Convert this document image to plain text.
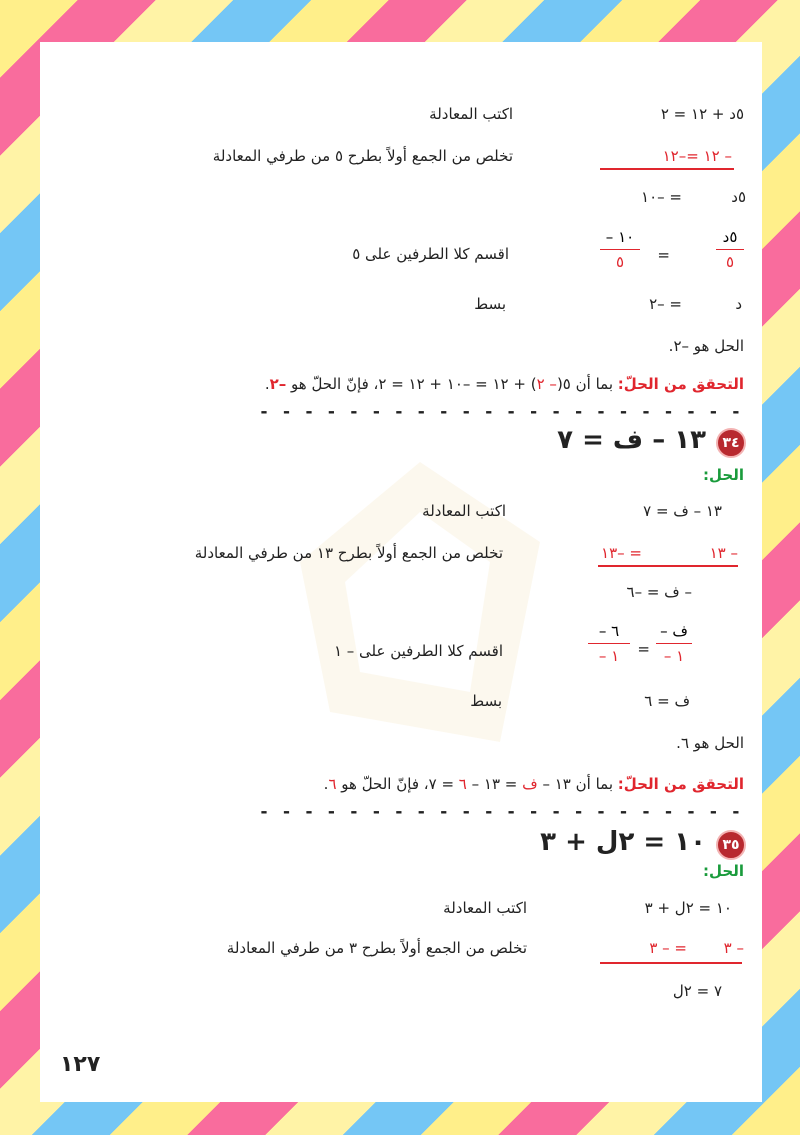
٥د + ١٢ = ٢
اكتب المعادلة
– ١٢ =–١٢
تخلص من الجمع أولاً بطرح ٥ من طرفي المعادلة
٥د
= –١٠
٥د
٥
=
– ١٠
٥
اقسم كلا الطرفين على ٥
د
= –٢
بسط
الحل هو –٢.
التحقق من الحلّ: بما أن ٥(– ٢) + ١٢ = –١٠ + ١٢ = ٢، فإنّ الحلّ هو –٢.
- - - - - - - - - - - - - - - - - - - - - -
٣٤
١٣ – ف = ٧
الحل:
١٣ – ف = ٧
اكتب المعادلة
– ١٣
= –١٣
تخلص من الجمع أولاً بطرح ١٣ من طرفي المعادلة
– ف = –٦
– ف
– ١
=
– ٦
– ١
اقسم كلا الطرفين على – ١
ف = ٦
بسط
الحل هو ٦.
التحقق من الحلّ: بما أن ١٣ – ف = ١٣ – ٦ = ٧، فإنّ الحلّ هو ٦.
- - - - - - - - - - - - - - - - - - - - - -
٣٥
١٠ = ٢ل + ٣
الحل:
١٠ = ٢ل + ٣
اكتب المعادلة
– ٣
= – ٣
تخلص من الجمع أولاً بطرح ٣ من طرفي المعادلة
٧ = ٢ل
١٢٧
